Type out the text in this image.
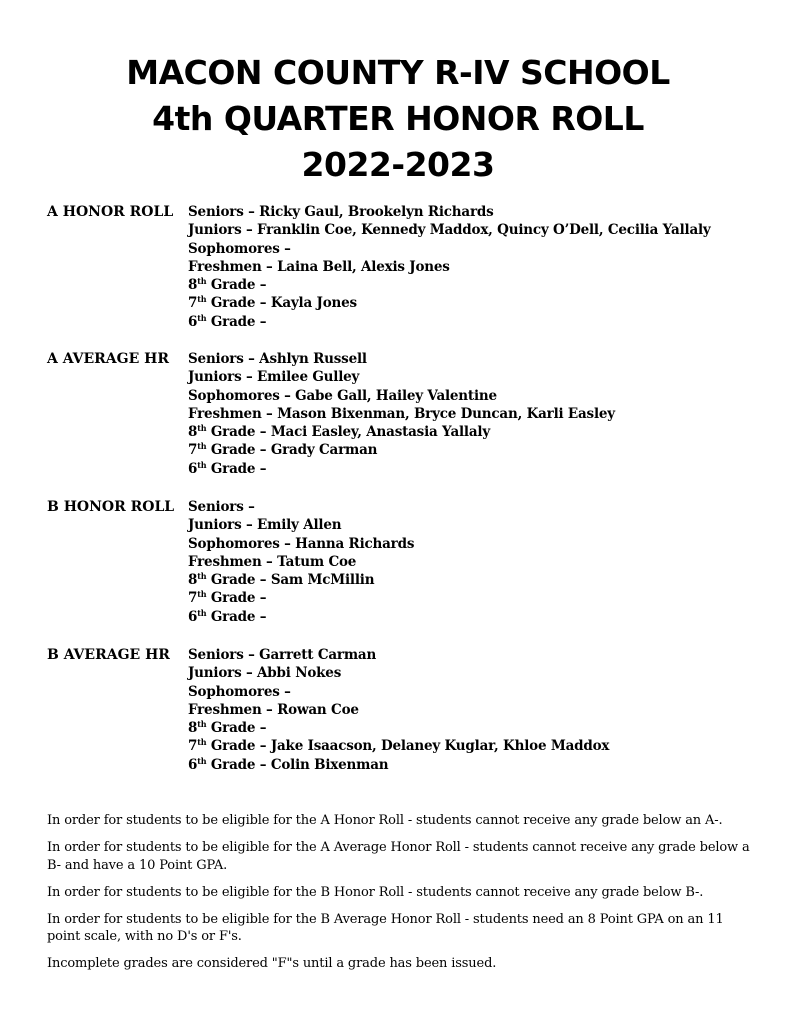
MACON COUNTY R-IV SCHOOL
4th QUARTER HONOR ROLL
2022-2023
A HONOR ROLL Seniors – Ricky Gaul, Brookelyn Richards
Juniors – Franklin Coe, Kennedy Maddox, Quincy O’Dell, Cecilia Yallaly
Sophomores –
Freshmen – Laina Bell, Alexis Jones
8th Grade –
7th Grade – Kayla Jones
6th Grade –
A AVERAGE HR Seniors – Ashlyn Russell
Juniors – Emilee Gulley
Sophomores – Gabe Gall, Hailey Valentine
Freshmen – Mason Bixenman, Bryce Duncan, Karli Easley
8th Grade – Maci Easley, Anastasia Yallaly
7th Grade – Grady Carman
6th Grade –
B HONOR ROLL Seniors –
Juniors – Emily Allen
Sophomores – Hanna Richards
Freshmen – Tatum Coe
8th Grade – Sam McMillin
7th Grade –
6th Grade –
B AVERAGE HR Seniors – Garrett Carman
Juniors – Abbi Nokes
Sophomores –
Freshmen – Rowan Coe
8th Grade –
7th Grade – Jake Isaacson, Delaney Kuglar, Khloe Maddox
6th Grade – Colin Bixenman

In order for students to be eligible for the A Honor Roll - students cannot receive any grade below an A-.

In order for students to be eligible for the A Average Honor Roll - students cannot receive any grade below a B- and have a 10 Point GPA.

In order for students to be eligible for the B Honor Roll - students cannot receive any grade below B-.

In order for students to be eligible for the B Average Honor Roll - students need an 8 Point GPA on an 11 point scale, with no D's or F's.

Incomplete grades are considered "F"s until a grade has been issued.
